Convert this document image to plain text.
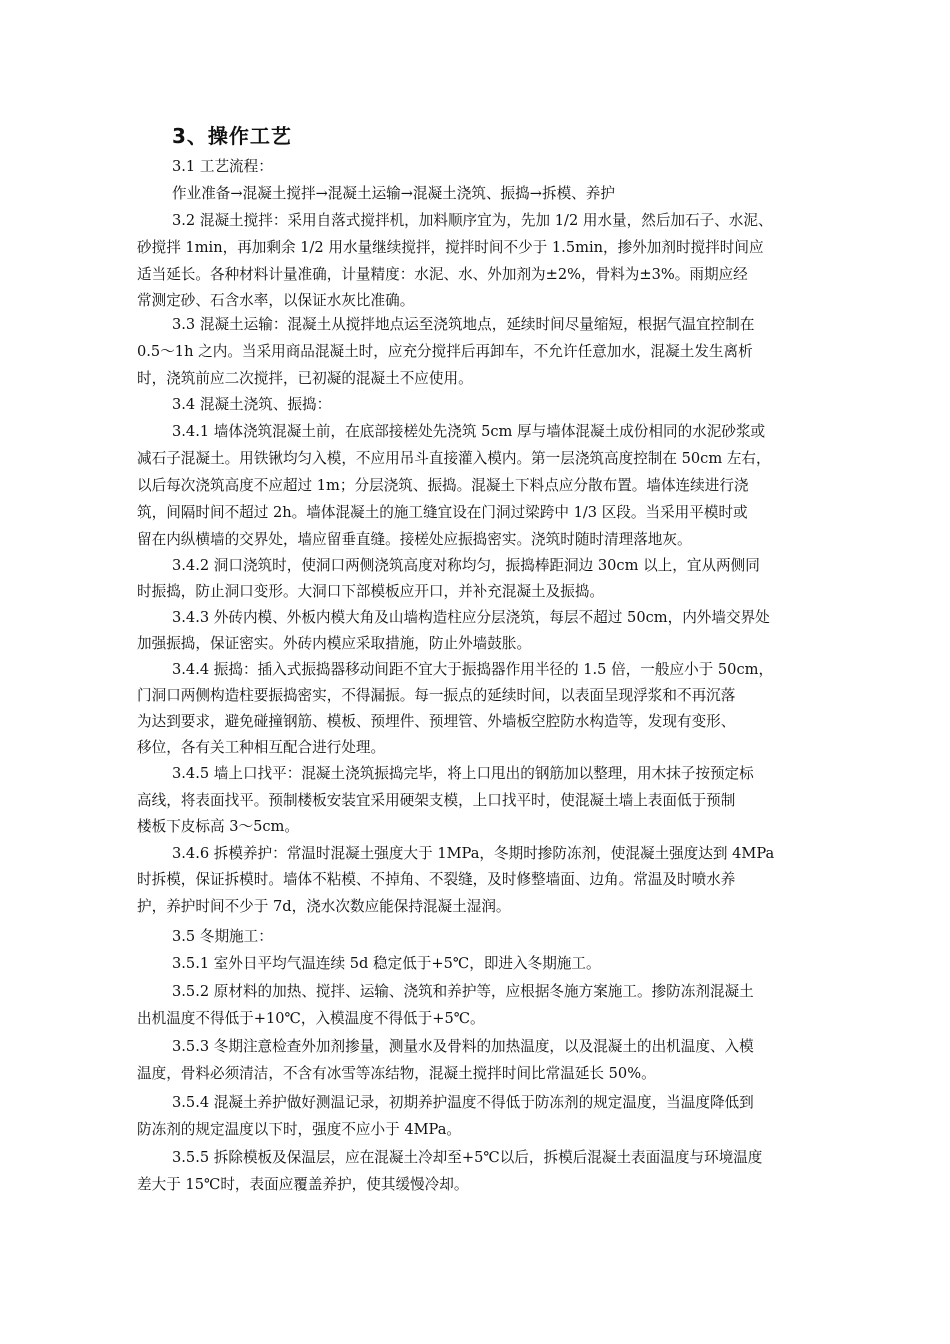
3、操作工艺
3.1 工艺流程：
作业准备→混凝土搅拌→混凝土运输→混凝土浇筑、振捣→拆模、养护
3.2 混凝土搅拌：采用自落式搅拌机，加料顺序宜为，先加 1/2 用水量，然后加石子、水泥、
砂搅拌 1min，再加剩余 1/2 用水量继续搅拌，搅拌时间不少于 1.5min，掺外加剂时搅拌时间应
适当延长。各种材料计量准确，计量精度：水泥、水、外加剂为±2%，骨料为±3%。雨期应经
常测定砂、石含水率，以保证水灰比准确。
3.3 混凝土运输：混凝土从搅拌地点运至浇筑地点，延续时间尽量缩短，根据气温宜控制在
0.5～1h 之内。当采用商品混凝土时，应充分搅拌后再卸车，不允许任意加水，混凝土发生离析
时，浇筑前应二次搅拌，已初凝的混凝土不应使用。
3.4 混凝土浇筑、振捣：
3.4.1 墙体浇筑混凝土前，在底部接槎处先浇筑 5cm 厚与墙体混凝土成份相同的水泥砂浆或
减石子混凝土。用铁锹均匀入模，不应用吊斗直接灌入模内。第一层浇筑高度控制在 50cm 左右，
以后每次浇筑高度不应超过 1m；分层浇筑、振捣。混凝土下料点应分散布置。墙体连续进行浇
筑，间隔时间不超过 2h。墙体混凝土的施工缝宜设在门洞过梁跨中 1/3 区段。当采用平模时或
留在内纵横墙的交界处，墙应留垂直缝。接槎处应振捣密实。浇筑时随时清理落地灰。
3.4.2 洞口浇筑时，使洞口两侧浇筑高度对称均匀，振捣棒距洞边 30cm 以上，宜从两侧同
时振捣，防止洞口变形。大洞口下部模板应开口，并补充混凝土及振捣。
3.4.3 外砖内模、外板内模大角及山墙构造柱应分层浇筑，每层不超过 50cm，内外墙交界处
加强振捣，保证密实。外砖内模应采取措施，防止外墙鼓胀。
3.4.4 振捣：插入式振捣器移动间距不宜大于振捣器作用半径的 1.5 倍，一般应小于 50cm，
门洞口两侧构造柱要振捣密实，不得漏振。每一振点的延续时间，以表面呈现浮浆和不再沉落
为达到要求，避免碰撞钢筋、模板、预埋件、预埋管、外墙板空腔防水构造等，发现有变形、
移位，各有关工种相互配合进行处理。
3.4.5 墙上口找平：混凝土浇筑振捣完毕，将上口甩出的钢筋加以整理，用木抹子按预定标
高线，将表面找平。预制楼板安装宜采用硬架支模，上口找平时，使混凝土墙上表面低于预制
楼板下皮标高 3～5cm。
3.4.6 拆模养护：常温时混凝土强度大于 1MPa，冬期时掺防冻剂，使混凝土强度达到 4MPa
时拆模，保证拆模时。墙体不粘模、不掉角、不裂缝，及时修整墙面、边角。常温及时喷水养
护，养护时间不少于 7d，浇水次数应能保持混凝土湿润。
3.5 冬期施工：
3.5.1 室外日平均气温连续 5d 稳定低于+5℃，即进入冬期施工。
3.5.2 原材料的加热、搅拌、运输、浇筑和养护等，应根据冬施方案施工。掺防冻剂混凝土
出机温度不得低于+10℃，入模温度不得低于+5℃。
3.5.3 冬期注意检查外加剂掺量，测量水及骨料的加热温度，以及混凝土的出机温度、入模
温度，骨料必须清洁，不含有冰雪等冻结物，混凝土搅拌时间比常温延长 50%。
3.5.4 混凝土养护做好测温记录，初期养护温度不得低于防冻剂的规定温度，当温度降低到
防冻剂的规定温度以下时，强度不应小于 4MPa。
3.5.5 拆除模板及保温层，应在混凝土冷却至+5℃以后，拆模后混凝土表面温度与环境温度
差大于 15℃时，表面应覆盖养护，使其缓慢冷却。
